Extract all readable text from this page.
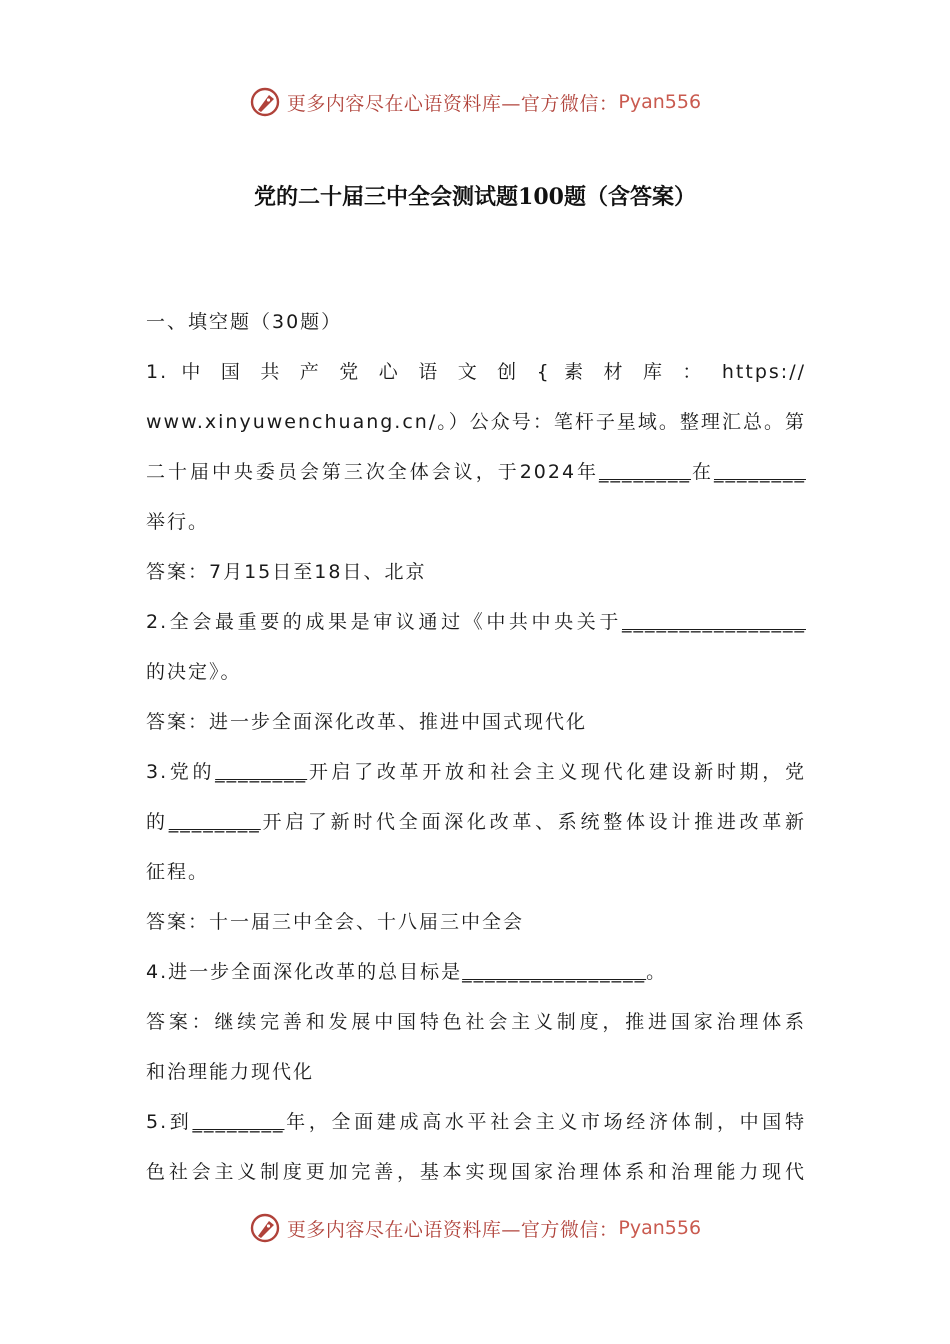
更多内容尽在心语资料库—官方微信： Pyan556
党的二十届三中全会测试题100题（含答案）

一、填空题（30题）

1. 中 国 共 产 党 心 语 文 创 { 素 材 库 ： https://

www.xinyuwenchuang.cn/。）公众号：笔杆子星域。整理汇总。第

二十届中央委员会第三次全体会议，于2024年________在________

举行。

答案：7月15日至18日、北京

2.全会最重要的成果是审议通过《中共中央关于________________

的决定》。

答案：进一步全面深化改革、推进中国式现代化

3.党的________开启了改革开放和社会主义现代化建设新时期，党

的________开启了新时代全面深化改革、系统整体设计推进改革新

征程。

答案：十一届三中全会、十八届三中全会

4.进一步全面深化改革的总目标是________________。

答案：继续完善和发展中国特色社会主义制度，推进国家治理体系

和治理能力现代化

5.到________年，全面建成高水平社会主义市场经济体制，中国特

色社会主义制度更加完善，基本实现国家治理体系和治理能力现代

更多内容尽在心语资料库—官方微信： Pyan556
